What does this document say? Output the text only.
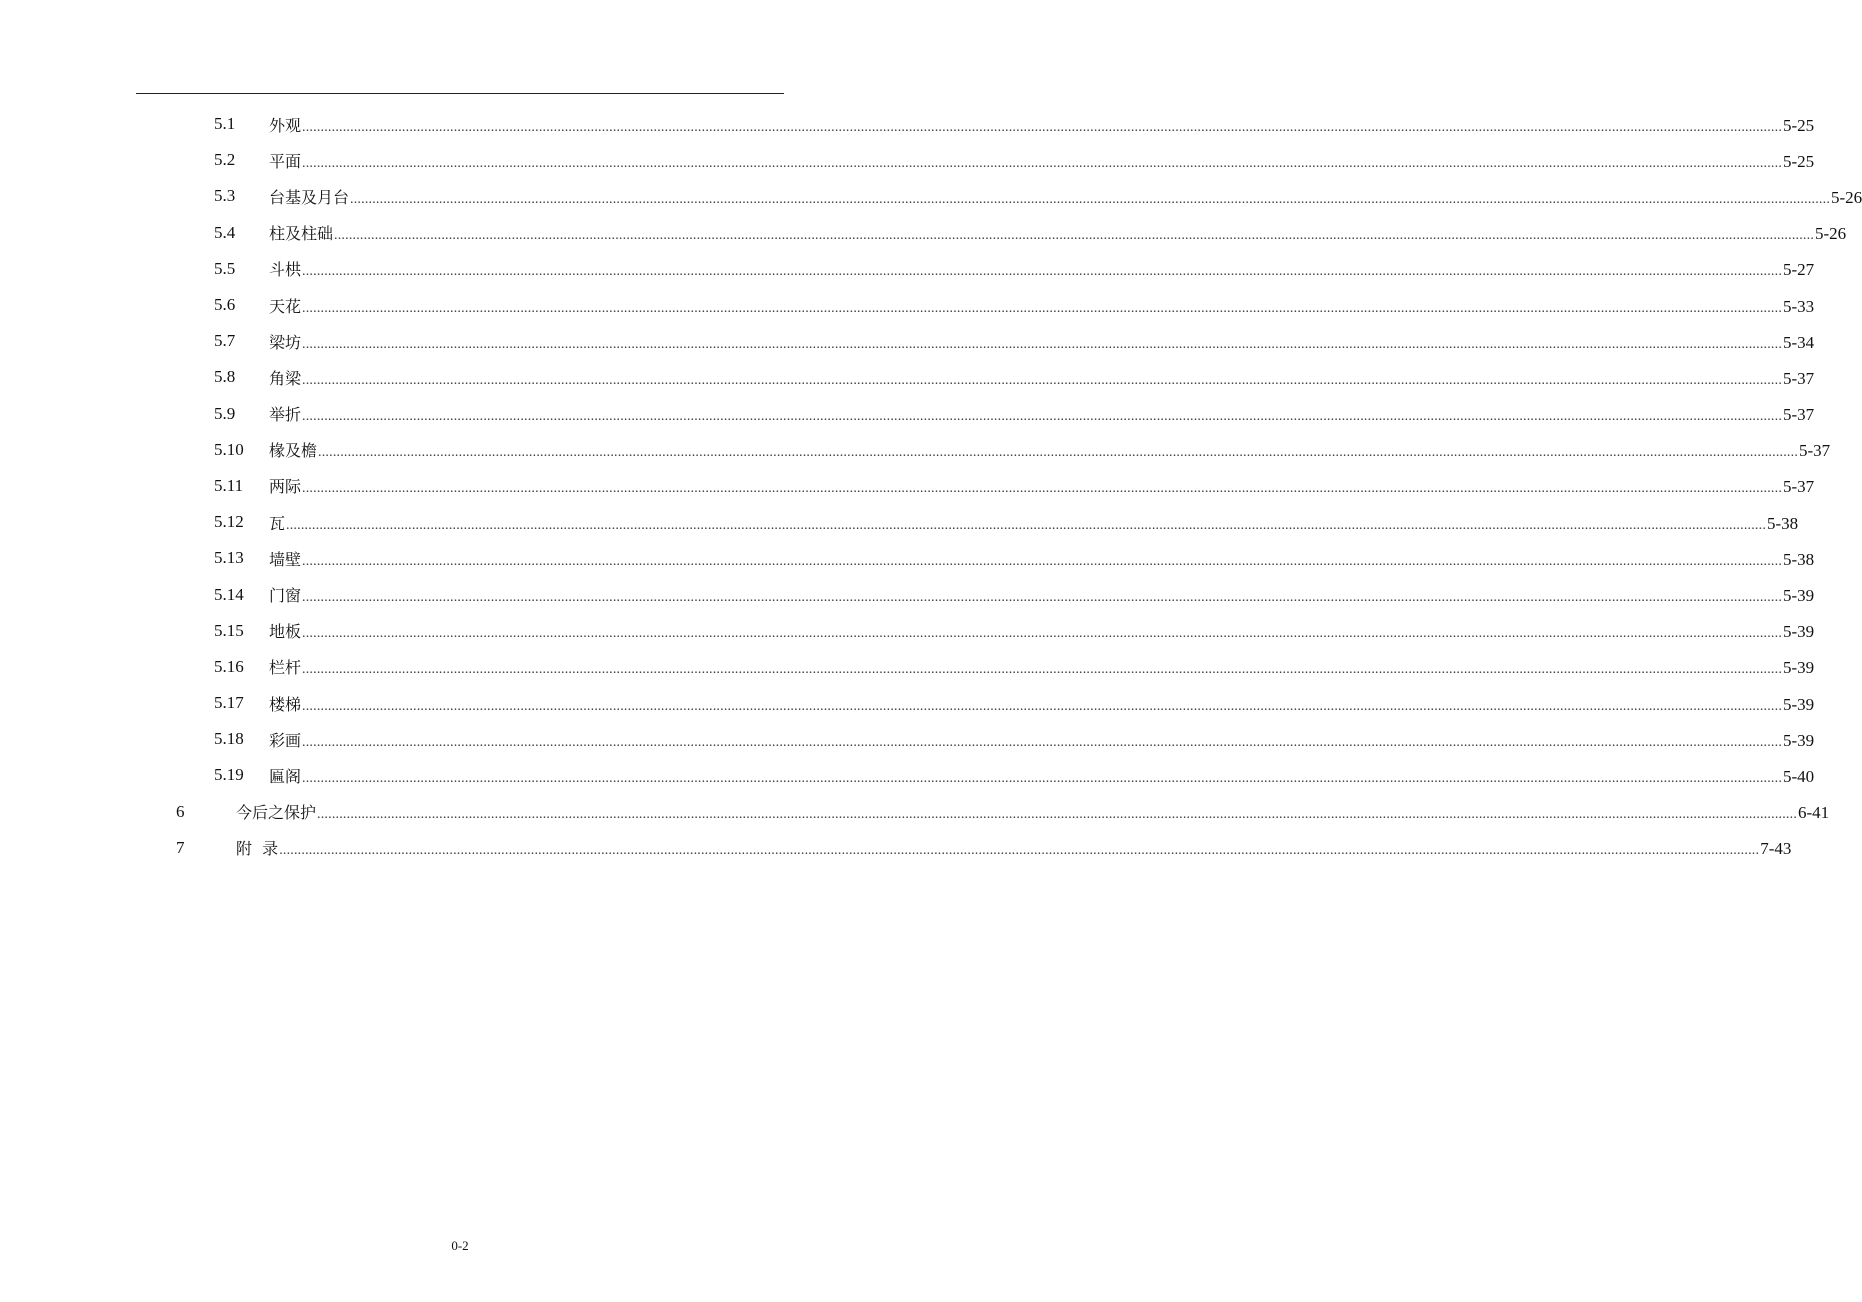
5.1 外观 ................................................................................................................................................................................................................................................................................................................................................................................................................ 5-25
5.2 平面 ................................................................................................................................................................................................................................................................................................................................................................................................................ 5-25
5.3 台基及月台 ................................................................................................................................................................................................................................................................................................................................................................................................................ 5-26
5.4 柱及柱础 ................................................................................................................................................................................................................................................................................................................................................................................................................ 5-26
5.5 斗栱 ................................................................................................................................................................................................................................................................................................................................................................................................................ 5-27
5.6 天花 ................................................................................................................................................................................................................................................................................................................................................................................................................ 5-33
5.7 梁坊 ................................................................................................................................................................................................................................................................................................................................................................................................................ 5-34
5.8 角梁 ................................................................................................................................................................................................................................................................................................................................................................................................................ 5-37
5.9 举折 ................................................................................................................................................................................................................................................................................................................................................................................................................ 5-37
5.10 椽及檐 ................................................................................................................................................................................................................................................................................................................................................................................................................ 5-37
5.11 两际 ................................................................................................................................................................................................................................................................................................................................................................................................................ 5-37
5.12 瓦 ................................................................................................................................................................................................................................................................................................................................................................................................................ 5-38
5.13 墙壁 ................................................................................................................................................................................................................................................................................................................................................................................................................ 5-38
5.14 门窗 ................................................................................................................................................................................................................................................................................................................................................................................................................ 5-39
5.15 地板 ................................................................................................................................................................................................................................................................................................................................................................................................................ 5-39
5.16 栏杆 ................................................................................................................................................................................................................................................................................................................................................................................................................ 5-39
5.17 楼梯 ................................................................................................................................................................................................................................................................................................................................................................................................................ 5-39
5.18 彩画 ................................................................................................................................................................................................................................................................................................................................................................................................................ 5-39
5.19 匾阁 ................................................................................................................................................................................................................................................................................................................................................................................................................ 5-40
6	今后之保护 ................................................................................................................................................................................................................................................................................................................................................................................................................ 6-41
7	附  录 ................................................................................................................................................................................................................................................................................................................................................................................................................ 7-43
0-2
